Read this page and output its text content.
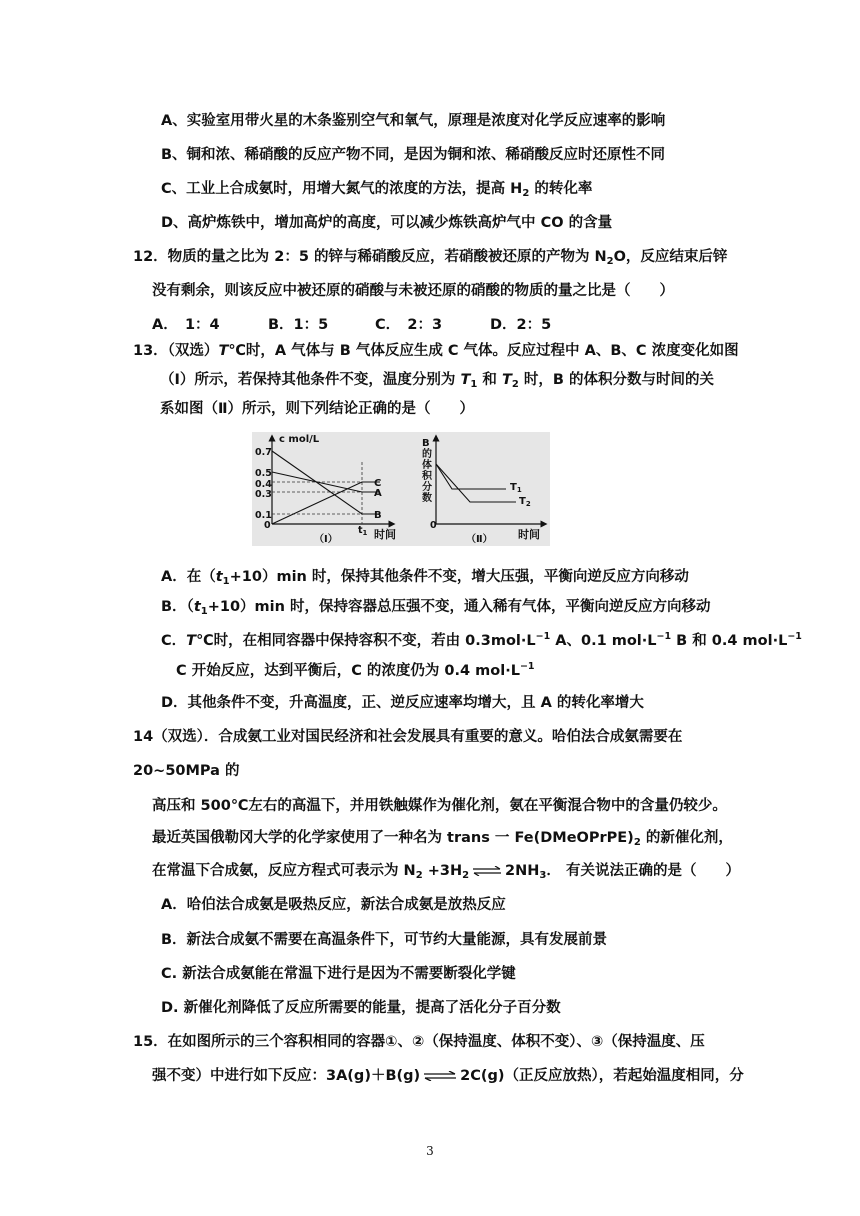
A、实验室用带火星的木条鉴别空气和氧气，原理是浓度对化学反应速率的影响
B、铜和浓、稀硝酸的反应产物不同，是因为铜和浓、稀硝酸反应时还原性不同
C、工业上合成氨时，用增大氮气的浓度的方法，提高 $H_2$ 的转化率
D、高炉炼铁中，增加高炉的高度，可以减少炼铁高炉气中 CO 的含量
12．物质的量之比为 2：5 的锌与稀硝酸反应，若硝酸被还原的产物为 $N_2O$，反应结束后锌
没有剩余，则该反应中被还原的硝酸与未被还原的硝酸的物质的量之比是（　　）
A．　1：4	B．1：5	C．　2：3	D．2：5
13．（双选）T℃时，A 气体与 B 气体反应生成 C 气体。反应过程中 A、B、C 浓度变化如图
（Ⅰ）所示，若保持其他条件不变，温度分别为 $T_1$ 和 $T_2$ 时，B 的体积分数与时间的关
系如图（Ⅱ）所示，则下列结论正确的是（　　）
c mol/L
0.7
0.5
0.4
0.3
0.1
0
C
A
B
$t_1$ 时间
（Ⅰ）
B
的
体
积
分
数
0
$T_1$
$T_2$
时间
（Ⅱ）
A．在$(t_1+10)\min$ 时，保持其他条件不变，增大压强，平衡向逆反应方向移动
B．$(t_1+10)\min$ 时，保持容器总压强不变，通入稀有气体，平衡向逆反应方向移动
C．T℃时，在相同容器中保持容积不变，若由 $0.3mol\cdot L^{-1}$ A、0.1 $mol\cdot L^{-1}$ B 和 0.4 $mol\cdot L^{-1}$
C 开始反应，达到平衡后，C 的浓度仍为 0.4 $mol\cdot L^{-1}$
D．其他条件不变，升高温度，正、逆反应速率均增大，且 A 的转化率增大
14（双选）．合成氨工业对国民经济和社会发展具有重要的意义。哈伯法合成氨需要在
20~50MPa 的
高压和 500℃左右的高温下，并用铁触媒作为催化剂，氨在平衡混合物中的含量仍较少。
最近英国俄勒冈大学的化学家使用了一种名为 trans 一 $Fe(DMeOPrPE)_2$ 的新催化剂，
在常温下合成氨，反应方程式可表示为 $N_2 +3H_2$ ⇌ $2NH_3$． 有关说法正确的是（　　）
A．哈伯法合成氨是吸热反应，新法合成氨是放热反应
B．新法合成氨不需要在高温条件下，可节约大量能源，具有发展前景
C. 新法合成氨能在常温下进行是因为不需要断裂化学键
D. 新催化剂降低了反应所需要的能量，提高了活化分子百分数
15．在如图所示的三个容积相同的容器①、②（保持温度、体积不变）、③（保持温度、压
强不变）中进行如下反应：3A(g)＋B(g) ⇌ 2C(g)（正反应放热），若起始温度相同，分
3
